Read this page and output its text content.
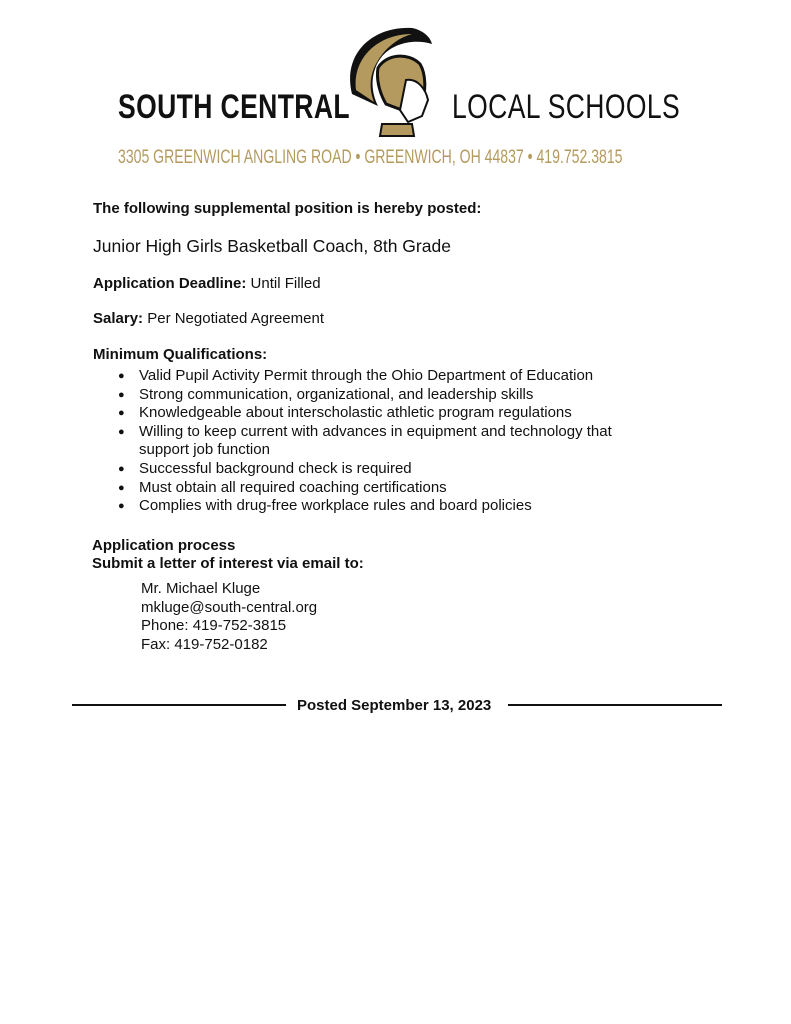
SOUTH CENTRAL	LOCAL SCHOOLS
3305 GREENWICH ANGLING ROAD • GREENWICH, OH 44837 • 419.752.3815
The following supplemental position is hereby posted:
Junior High Girls Basketball Coach, 8th Grade
Application Deadline: Until Filled
Salary: Per Negotiated Agreement
Minimum Qualifications:
● Valid Pupil Activity Permit through the Ohio Department of Education
● Strong communication, organizational, and leadership skills
● Knowledgeable about interscholastic athletic program regulations
● Willing to keep current with advances in equipment and technology that support job function
● Successful background check is required
● Must obtain all required coaching certifications
● Complies with drug-free workplace rules and board policies
Application process
Submit a letter of interest via email to:
Mr. Michael Kluge
mkluge@south-central.org
Phone: 419-752-3815
Fax: 419-752-0182
Posted September 13, 2023
